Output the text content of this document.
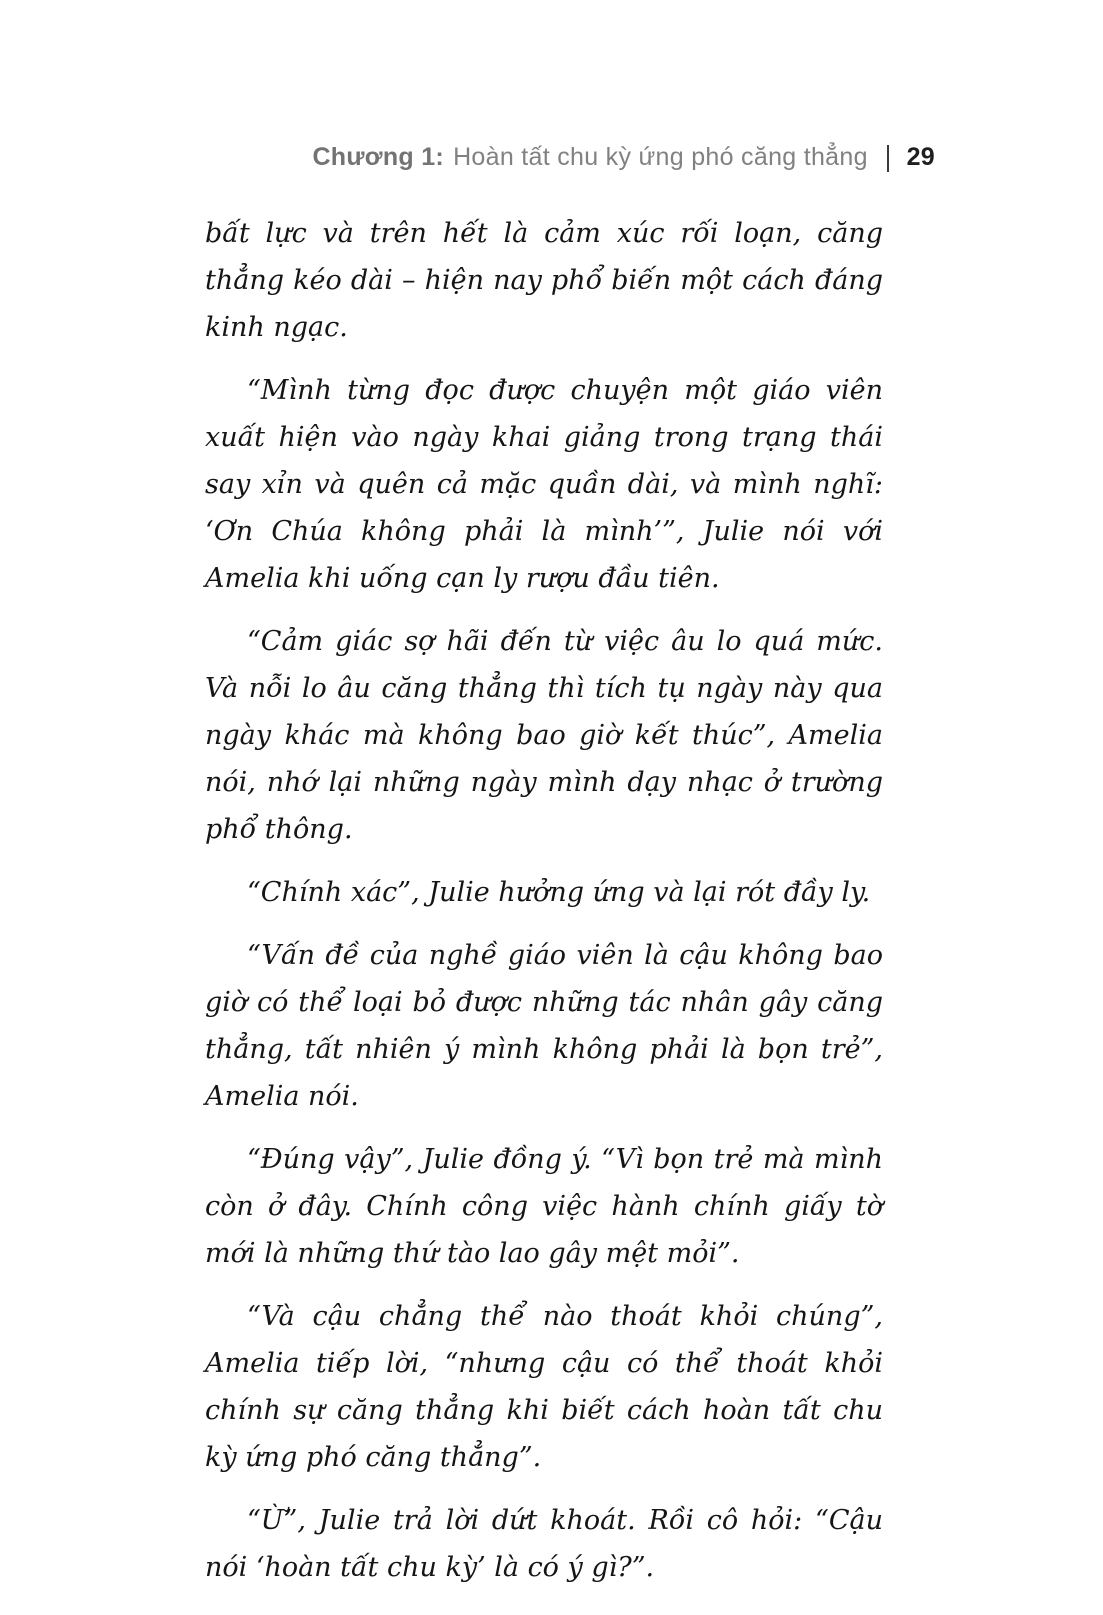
Chương 1: Hoàn tất chu kỳ ứng phó căng thẳng | 29

bất lực và trên hết là cảm xúc rối loạn, căng thẳng kéo dài – hiện nay phổ biến một cách đáng kinh ngạc.

“Mình từng đọc được chuyện một giáo viên xuất hiện vào ngày khai giảng trong trạng thái say xỉn và quên cả mặc quần dài, và mình nghĩ: ‘Ơn Chúa không phải là mình’”, Julie nói với Amelia khi uống cạn ly rượu đầu tiên.

“Cảm giác sợ hãi đến từ việc âu lo quá mức. Và nỗi lo âu căng thẳng thì tích tụ ngày này qua ngày khác mà không bao giờ kết thúc”, Amelia nói, nhớ lại những ngày mình dạy nhạc ở trường phổ thông.

“Chính xác”, Julie hưởng ứng và lại rót đầy ly.

“Vấn đề của nghề giáo viên là cậu không bao giờ có thể loại bỏ được những tác nhân gây căng thẳng, tất nhiên ý mình không phải là bọn trẻ”, Amelia nói.

“Đúng vậy”, Julie đồng ý. “Vì bọn trẻ mà mình còn ở đây. Chính công việc hành chính giấy tờ mới là những thứ tào lao gây mệt mỏi”.

“Và cậu chẳng thể nào thoát khỏi chúng”, Amelia tiếp lời, “nhưng cậu có thể thoát khỏi chính sự căng thẳng khi biết cách hoàn tất chu kỳ ứng phó căng thẳng”.

“Ừ”, Julie trả lời dứt khoát. Rồi cô hỏi: “Cậu nói ‘hoàn tất chu kỳ’ là có ý gì?”.
